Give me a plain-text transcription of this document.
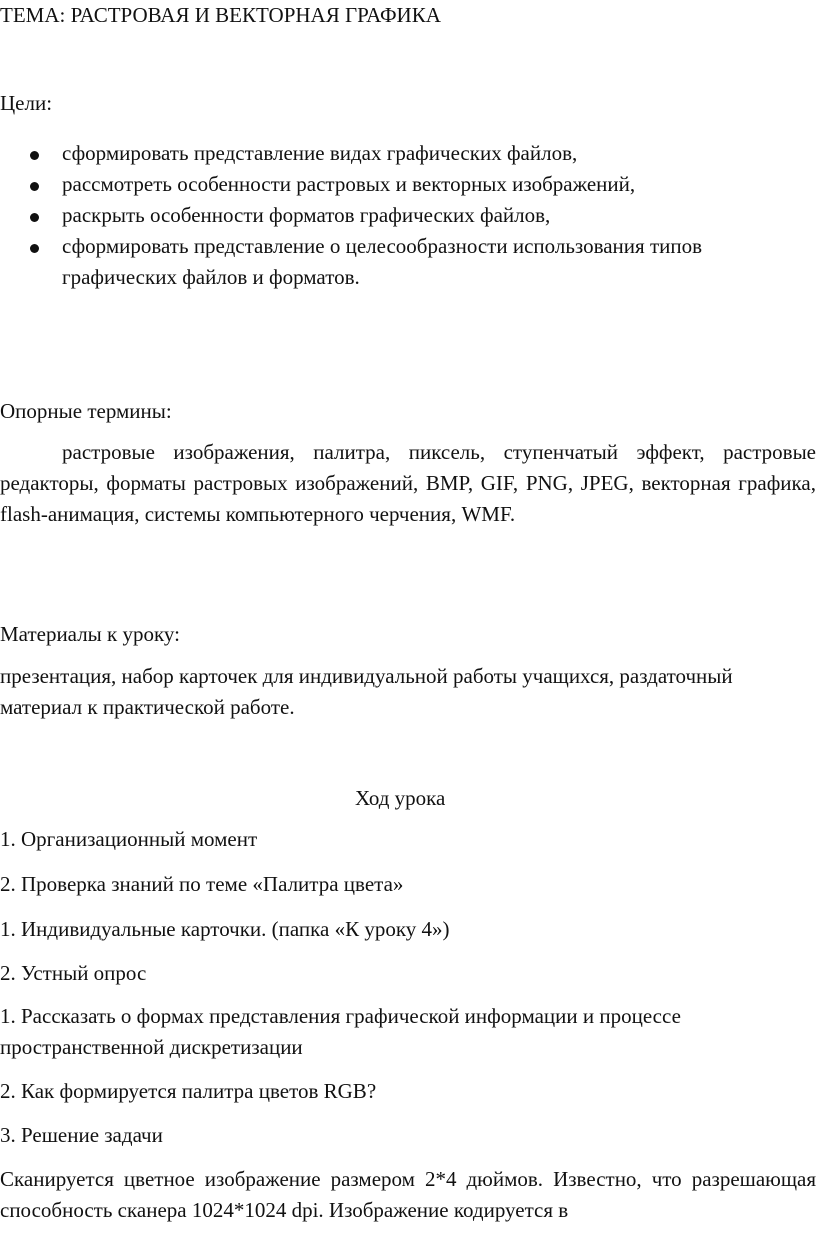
ТЕМА: РАСТРОВАЯ И ВЕКТОРНАЯ ГРАФИКА

Цели:

сформировать представление видах графических файлов,
рассмотреть особенности растровых и векторных изображений,
раскрыть особенности форматов графических файлов,
сформировать представление о целесообразности использования типов графических файлов и форматов.

Опорные термины:

растровые изображения, палитра, пиксель, ступенчатый эффект, растровые редакторы, форматы растровых изображений, BMP, GIF, PNG, JPEG, векторная графика, flash-анимация, системы компьютерного черчения, WMF.

Материалы к уроку:

презентация, набор карточек для индивидуальной работы учащихся, раздаточный материал к практической работе.

Ход урока

1. Организационный момент

2. Проверка знаний по теме «Палитра цвета»

1. Индивидуальные карточки. (папка «К уроку 4»)

2. Устный опрос

1. Рассказать о формах представления графической информации и процессе пространственной дискретизации

2. Как формируется палитра цветов RGB?

3. Решение задачи

Сканируется цветное изображение размером 2*4 дюймов. Известно, что разрешающая способность сканера 1024*1024 dpi. Изображение кодируется в
